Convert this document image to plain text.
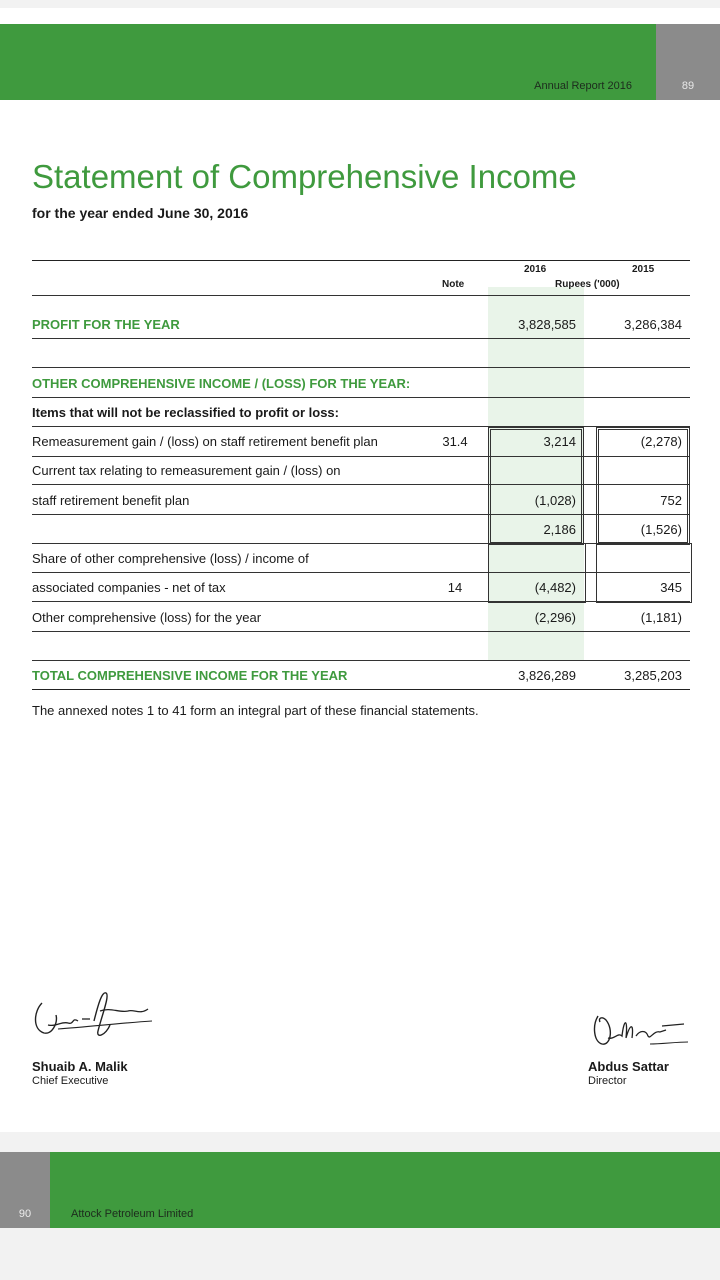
Annual Report 2016	89
Statement of Comprehensive Income
for the year ended June 30, 2016
2016	2015
Note	Rupees ('000)
PROFIT FOR THE YEAR	3,828,585	3,286,384
OTHER COMPREHENSIVE INCOME / (LOSS) FOR THE YEAR:
Items that will not be reclassified to profit or loss:
Remeasurement gain / (loss) on staff retirement benefit plan	31.4	3,214	(2,278)
Current tax relating to remeasurement gain / (loss) on
staff retirement benefit plan	(1,028)	752
2,186	(1,526)
Share of other comprehensive (loss) / income of
associated companies - net of tax	14	(4,482)	345
Other comprehensive (loss) for the year	(2,296)	(1,181)
TOTAL COMPREHENSIVE INCOME FOR THE YEAR	3,826,289	3,285,203
The annexed notes 1 to 41 form an integral part of these financial statements.
Shuaib A. Malik
Chief Executive
Abdus Sattar
Director
90	Attock Petroleum Limited
